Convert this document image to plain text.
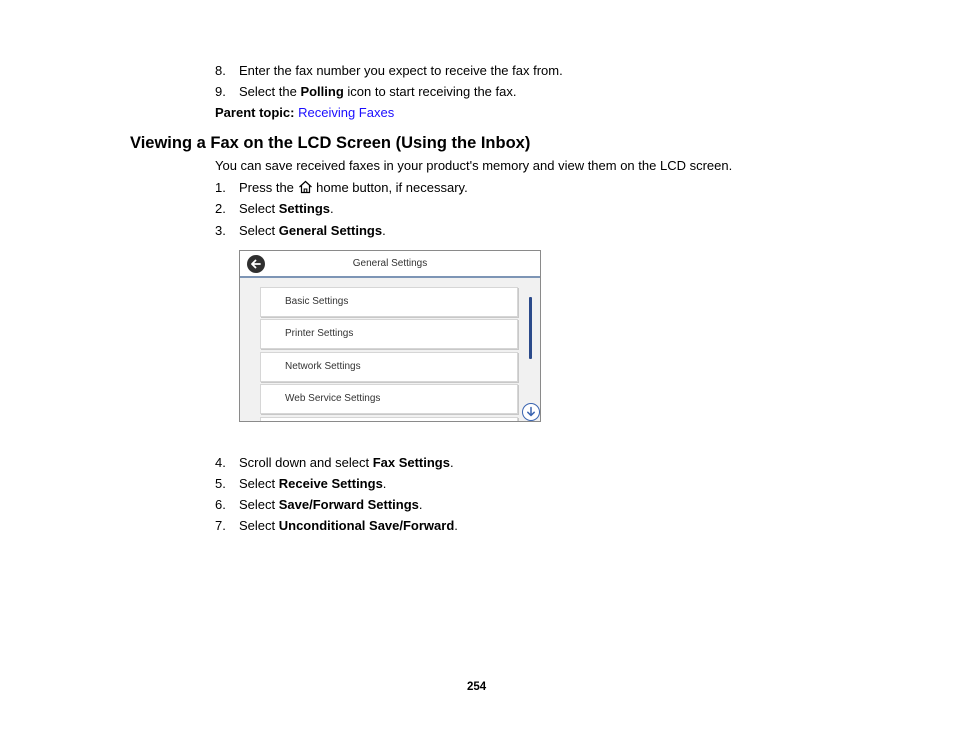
8. Enter the fax number you expect to receive the fax from.
9. Select the Polling icon to start receiving the fax.
Parent topic: Receiving Faxes
Viewing a Fax on the LCD Screen (Using the Inbox)
You can save received faxes in your product's memory and view them on the LCD screen.
1. Press the home button, if necessary.
2. Select Settings.
3. Select General Settings.
General Settings
Basic Settings
Printer Settings
Network Settings
Web Service Settings
4. Scroll down and select Fax Settings.
5. Select Receive Settings.
6. Select Save/Forward Settings.
7. Select Unconditional Save/Forward.
254
